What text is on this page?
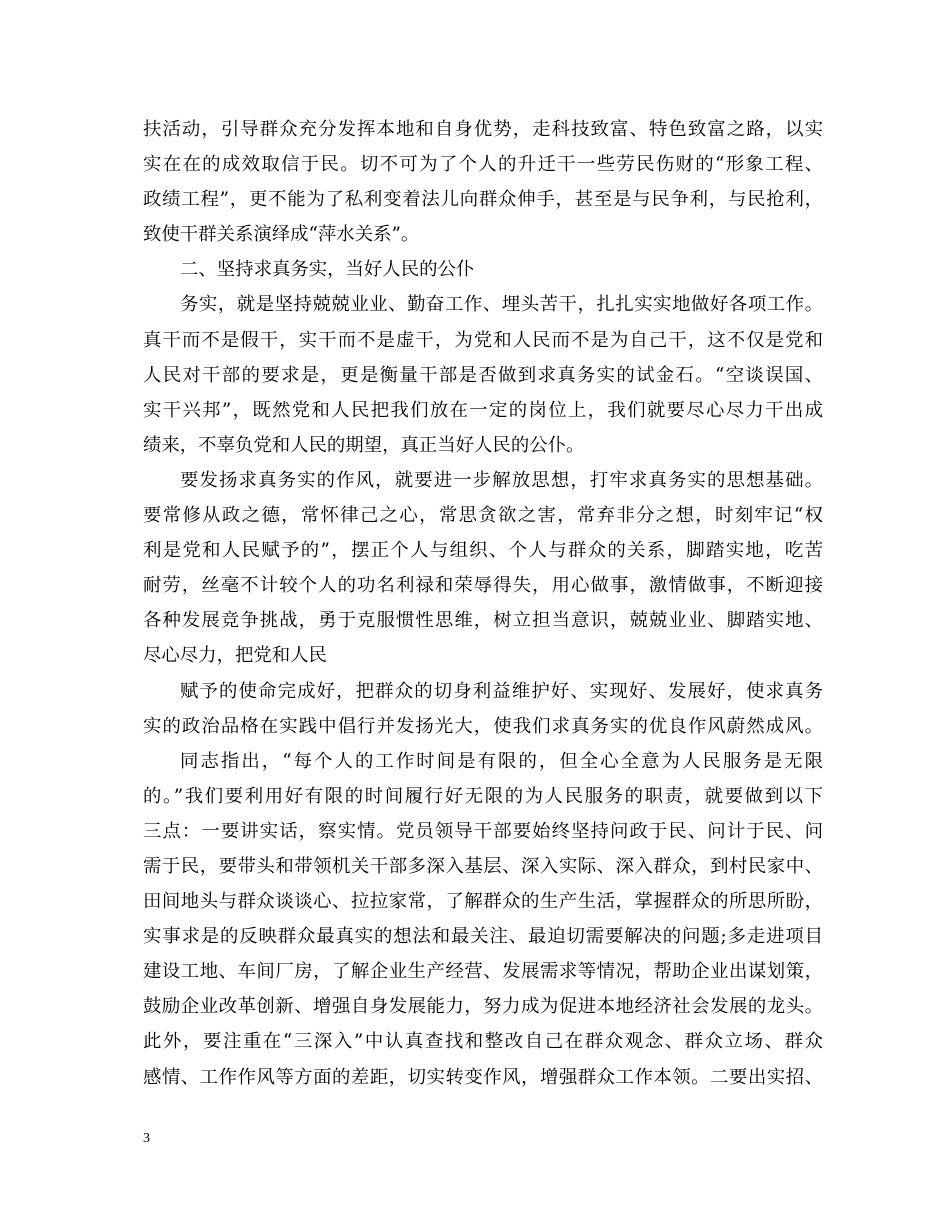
扶活动，引导群众充分发挥本地和自身优势，走科技致富、特色致富之路，以实
实在在的成效取信于民。切不可为了个人的升迁干一些劳民伤财的“形象工程、
政绩工程”，更不能为了私利变着法儿向群众伸手，甚至是与民争利，与民抢利，
致使干群关系演绎成“萍水关系”。
二、坚持求真务实，当好人民的公仆
务实，就是坚持兢兢业业、勤奋工作、埋头苦干，扎扎实实地做好各项工作。
真干而不是假干，实干而不是虚干，为党和人民而不是为自己干，这不仅是党和
人民对干部的要求是，更是衡量干部是否做到求真务实的试金石。“空谈误国、
实干兴邦”，既然党和人民把我们放在一定的岗位上，我们就要尽心尽力干出成
绩来，不辜负党和人民的期望，真正当好人民的公仆。
要发扬求真务实的作风，就要进一步解放思想，打牢求真务实的思想基础。
要常修从政之德，常怀律己之心，常思贪欲之害，常弃非分之想，时刻牢记“权
利是党和人民赋予的”，摆正个人与组织、个人与群众的关系，脚踏实地，吃苦
耐劳，丝毫不计较个人的功名利禄和荣辱得失，用心做事，激情做事，不断迎接
各种发展竞争挑战，勇于克服惯性思维，树立担当意识，兢兢业业、脚踏实地、
尽心尽力，把党和人民
赋予的使命完成好，把群众的切身利益维护好、实现好、发展好，使求真务
实的政治品格在实践中倡行并发扬光大，使我们求真务实的优良作风蔚然成风。
同志指出，“每个人的工作时间是有限的，但全心全意为人民服务是无限
的。”我们要利用好有限的时间履行好无限的为人民服务的职责，就要做到以下
三点：一要讲实话，察实情。党员领导干部要始终坚持问政于民、问计于民、问
需于民，要带头和带领机关干部多深入基层、深入实际、深入群众，到村民家中、
田间地头与群众谈谈心、拉拉家常，了解群众的生产生活，掌握群众的所思所盼，
实事求是的反映群众最真实的想法和最关注、最迫切需要解决的问题;多走进项目
建设工地、车间厂房，了解企业生产经营、发展需求等情况，帮助企业出谋划策，
鼓励企业改革创新、增强自身发展能力，努力成为促进本地经济社会发展的龙头。
此外，要注重在“三深入”中认真查找和整改自己在群众观念、群众立场、群众
感情、工作作风等方面的差距，切实转变作风，增强群众工作本领。二要出实招、
3
